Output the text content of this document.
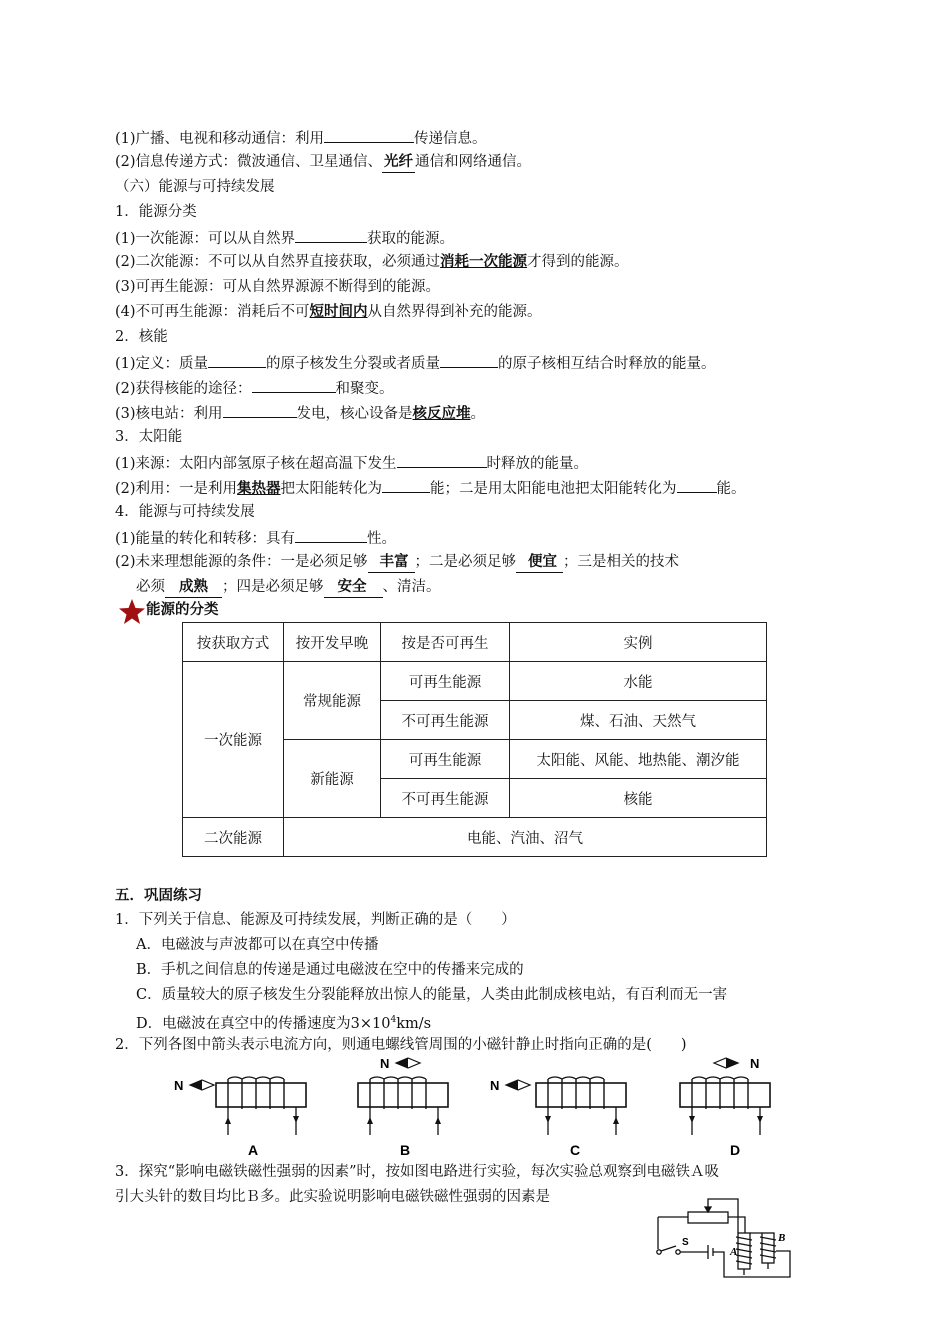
(1)广播、电视和移动通信：利用	传递信息。
(2)信息传递方式：微波通信、卫星通信、 光纤 通信和网络通信。
（六）能源与可持续发展
1．能源分类
(1)一次能源：可以从自然界	获取的能源。
(2)二次能源：不可以从自然界直接获取，必须通过消耗一次能源才得到的能源。
(3)可再生能源：可从自然界源源不断得到的能源。
(4)不可再生能源：消耗后不可短时间内从自然界得到补充的能源。
2．核能
(1)定义：质量	的原子核发生分裂或者质量	的原子核相互结合时释放的能量。
(2)获得核能的途径：	和聚变。
(3)核电站：利用	发电，核心设备是核反应堆。
3．太阳能
(1)来源：太阳内部氢原子核在超高温下发生	时释放的能量。
(2)利用：一是利用集热器把太阳能转化为	能；二是用太阳能电池把太阳能转化为	能。
4．能源与可持续发展
(1)能量的转化和转移：具有	性。
(2)未来理想能源的条件：一是必须足够 丰富 ；二是必须足够 便宜 ；三是相关的技术
必须 成熟 ；四是必须足够 安全 、清洁。
能源的分类
按获取方式	按开发早晚	按是否可再生	实例
一次能源	常规能源	可再生能源	水能
		不可再生能源	煤、石油、天然气
	新能源	可再生能源	太阳能、风能、地热能、潮汐能
		不可再生能源	核能
二次能源	电能、汽油、沼气		
五．巩固练习
1．下列关于信息、能源及可持续发展，判断正确的是（　　）
A．电磁波与声波都可以在真空中传播
B．手机之间信息的传递是通过电磁波在空中的传播来完成的
C．质量较大的原子核发生分裂能释放出惊人的能量，人类由此制成核电站，有百利而无一害
D．电磁波在真空中的传播速度为$3\times 10^4km/s$
2．下列各图中箭头表示电流方向，则通电螺线管周围的小磁针静止时指向正确的是(　　)
N
A
N
B
N
C
N
D
3．探究“影响电磁铁磁性强弱的因素”时，按如图电路进行实验，每次实验总观察到电磁铁Ａ吸
引大头针的数目均比Ｂ多。此实验说明影响电磁铁磁性强弱的因素是
S
A
B
